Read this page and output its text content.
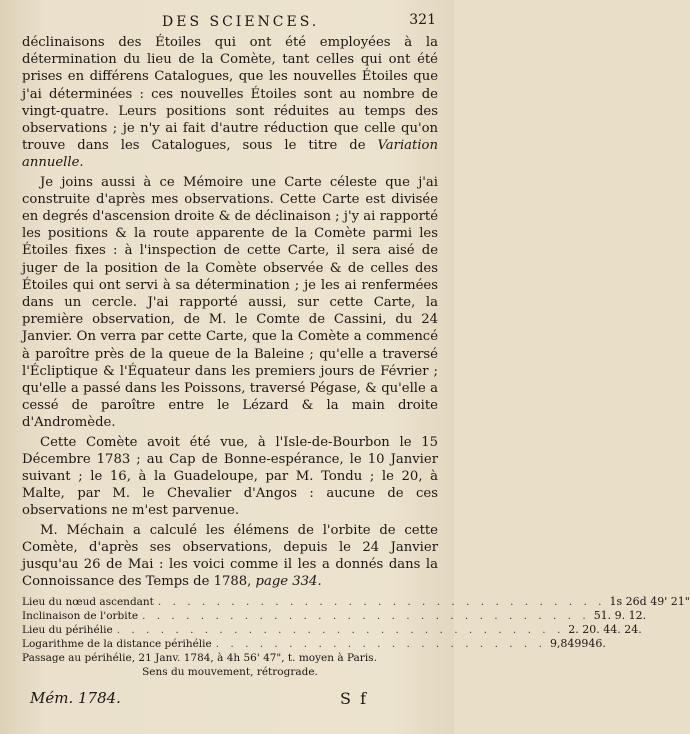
DES SCIENCES.	321

déclinaisons des Étoiles qui ont été employées à la détermination du lieu de la Comète, tant celles qui ont été prises en différens Catalogues, que les nouvelles Étoiles que j'ai déterminées : ces nouvelles Étoiles sont au nombre de vingt-quatre. Leurs positions sont réduites au temps des observations ; je n'y ai fait d'autre réduction que celle qu'on trouve dans les Catalogues, sous le titre de Variation annuelle.

Je joins aussi à ce Mémoire une Carte céleste que j'ai construite d'après mes observations. Cette Carte est divisée en degrés d'ascension droite & de déclinaison ; j'y ai rapporté les positions & la route apparente de la Comète parmi les Étoiles fixes : à l'inspection de cette Carte, il sera aisé de juger de la position de la Comète observée & de celles des Étoiles qui ont servi à sa détermination ; je les ai renfermées dans un cercle. J'ai rapporté aussi, sur cette Carte, la première observation, de M. le Comte de Cassini, du 24 Janvier. On verra par cette Carte, que la Comète a commencé à paroître près de la queue de la Baleine ; qu'elle a traversé l'Écliptique & l'Équateur dans les premiers jours de Février ; qu'elle a passé dans les Poissons, traversé Pégase, & qu'elle a cessé de paroître entre le Lézard & la main droite d'Andromède.

Cette Comète avoit été vue, à l'Isle-de-Bourbon le 15 Décembre 1783 ; au Cap de Bonne-espérance, le 10 Janvier suivant ; le 16, à la Guadeloupe, par M. Tondu ; le 20, à Malte, par M. le Chevalier d'Angos : aucune de ces observations ne m'est parvenue.

M. Méchain a calculé les élémens de l'orbite de cette Comète, d'après ses observations, depuis le 24 Janvier jusqu'au 26 de Mai : les voici comme il les a donnés dans la Connoissance des Temps de 1788, page 334.

Lieu du nœud ascendant . . . . . . . . . . . . . . . . . . . . . . . . . . . . . . . 1s 26d 49' 21"
Inclinaison de l'orbite . . . . . . . . . . . . . . . . . . . . . . . . . . . . . . . 51. 9. 12.
Lieu du périhélie . . . . . . . . . . . . . . . . . . . . . . . . . . . . . . . 2. 20. 44. 24.
Logarithme de la distance périhélie . . . . . . . . . . . . . . . . . . . . . . . 9,849946.
Passage au périhélie, 21 Janv. 1784, à 4h 56' 47", t. moyen à Paris.
Sens du mouvement, rétrograde.
Mém. 1784.	S f
